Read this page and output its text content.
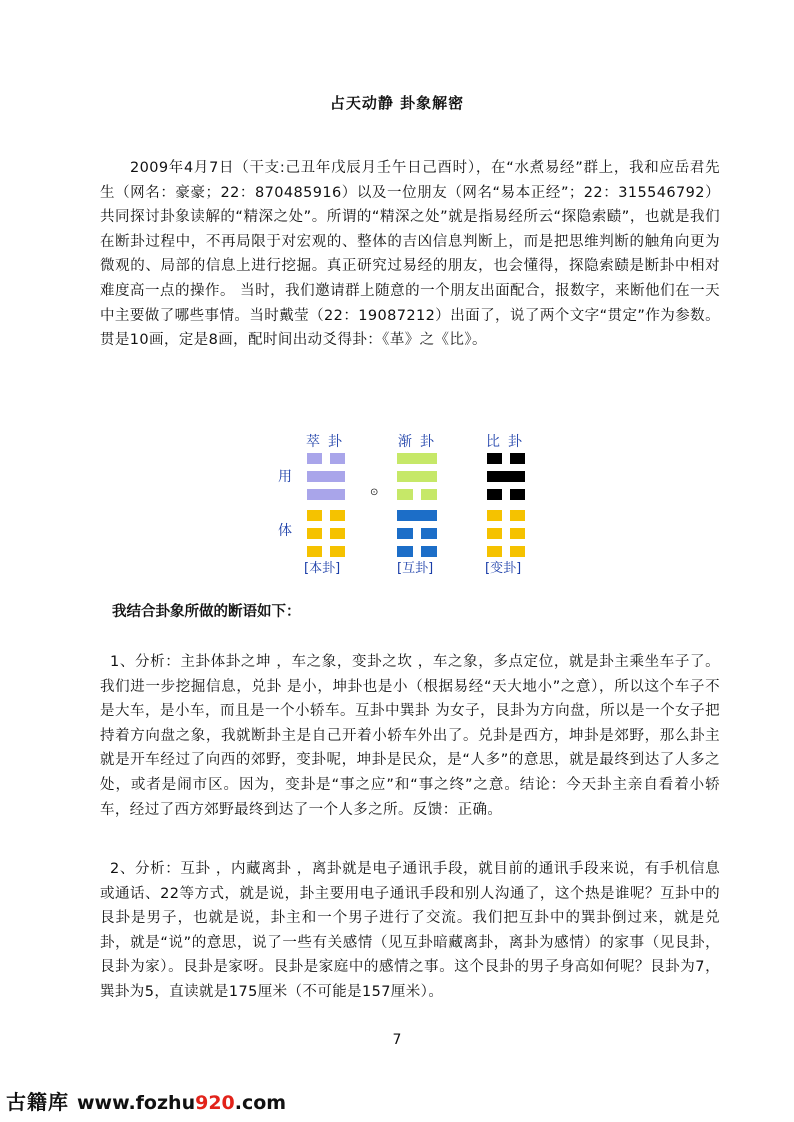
占天动静 卦象解密

2009年4月7日（干支:己丑年戊辰月壬午日己酉时），在“水煮易经”群上，我和应岳君先生（网名：豪豪；22：870485916）以及一位朋友（网名“易本正经”；22：315546792）共同探讨卦象读解的“精深之处”。所谓的“精深之处”就是指易经所云“探隐索赜”，也就是我们在断卦过程中，不再局限于对宏观的、整体的吉凶信息判断上，而是把思维判断的触角向更为微观的、局部的信息上进行挖掘。真正研究过易经的朋友，也会懂得，探隐索赜是断卦中相对难度高一点的操作。 当时，我们邀请群上随意的一个朋友出面配合，报数字，来断他们在一天中主要做了哪些事情。当时戴莹（22：19087212）出面了，说了两个文字“贯定”作为参数。贯是10画，定是8画，配时间出动爻得卦：《革》之《比》。

萃卦	渐卦	比卦
用
体
⊙
[本卦]	[互卦]	[变卦]
我结合卦象所做的断语如下：

1、分析：主卦体卦之坤 ，车之象，变卦之坎 ，车之象，多点定位，就是卦主乘坐车子了。我们进一步挖掘信息，兑卦 是小，坤卦也是小（根据易经“天大地小”之意），所以这个车子不是大车，是小车，而且是一个小轿车。互卦中巽卦 为女子，艮卦为方向盘，所以是一个女子把持着方向盘之象，我就断卦主是自己开着小轿车外出了。兑卦是西方，坤卦是郊野，那么卦主就是开车经过了向西的郊野，变卦呢，坤卦是民众，是“人多”的意思，就是最终到达了人多之处，或者是闹市区。因为，变卦是“事之应”和“事之终”之意。结论：今天卦主亲自看着小轿车，经过了西方郊野最终到达了一个人多之所。反馈：正确。

2、分析：互卦 ，内藏离卦 ，离卦就是电子通讯手段，就目前的通讯手段来说，有手机信息或通话、22等方式，就是说，卦主要用电子通讯手段和别人沟通了，这个热是谁呢？互卦中的艮卦是男子，也就是说，卦主和一个男子进行了交流。我们把互卦中的巽卦倒过来，就是兑卦，就是“说”的意思，说了一些有关感情（见互卦暗藏离卦，离卦为感情）的家事（见艮卦，艮卦为家）。艮卦是家呀。艮卦是家庭中的感情之事。这个艮卦的男子身高如何呢？艮卦为7，巽卦为5，直读就是175厘米（不可能是157厘米）。

7
古籍库 www.fozhu920.com
